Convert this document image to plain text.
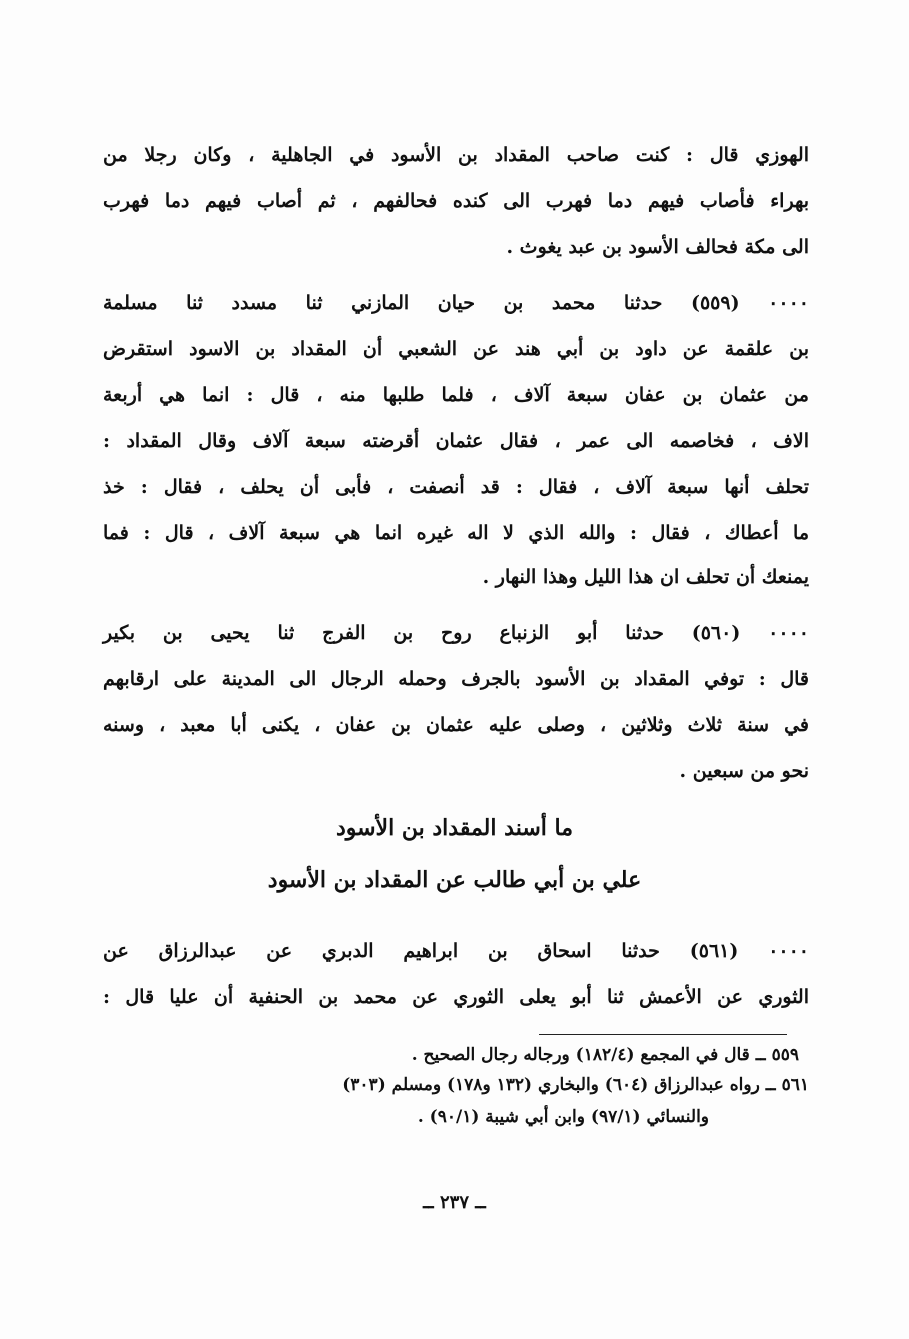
الهوزي قال : كنت صاحب المقداد بن الأسود في الجاهلية ، وكان رجلا من
بهراء فأصاب فيهم دما فهرب الى كنده فحالفهم ، ثم أصاب فيهم دما فهرب
الى مكة فحالف الأسود بن عبد يغوث .
٠٠٠٠ (٥٥٩) حدثنا محمد بن حيان المازني ثنا مسدد ثنا مسلمة
بن علقمة عن داود بن أبي هند عن الشعبي أن المقداد بن الاسود استقرض
من عثمان بن عفان سبعة آلاف ، فلما طلبها منه ، قال : انما هي أربعة
الاف ، فخاصمه الى عمر ، فقال عثمان أقرضته سبعة آلاف وقال المقداد :
تحلف أنها سبعة آلاف ، فقال : قد أنصفت ، فأبى أن يحلف ، فقال : خذ
ما أعطاك ، فقال : والله الذي لا اله غيره انما هي سبعة آلاف ، قال : فما
يمنعك أن تحلف ان هذا الليل وهذا النهار .
٠٠٠٠ (٥٦٠) حدثنا أبو الزنباع روح بن الفرج ثنا يحيى بن بكير
قال : توفي المقداد بن الأسود بالجرف وحمله الرجال الى المدينة على ارقابهم
في سنة ثلاث وثلاثين ، وصلى عليه عثمان بن عفان ، يكنى أبا معبد ، وسنه
نحو من سبعين .
ما أسند المقداد بن الأسود
علي بن أبي طالب عن المقداد بن الأسود
٠٠٠٠ (٥٦١) حدثنا اسحاق بن ابراهيم الدبري عن عبدالرزاق عن
الثوري عن الأعمش ثنا أبو يعلى الثوري عن محمد بن الحنفية أن عليا قال :
٥٥٩ ــ قال في المجمع (١٨٢/٤) ورجاله رجال الصحيح .
٥٦١ ــ رواه عبدالرزاق (٦٠٤) والبخاري (١٣٢ و١٧٨) ومسلم (٣٠٣)
والنسائي (٩٧/١) وابن أبي شيبة (٩٠/١) .
ــ ٢٣٧ ــ
